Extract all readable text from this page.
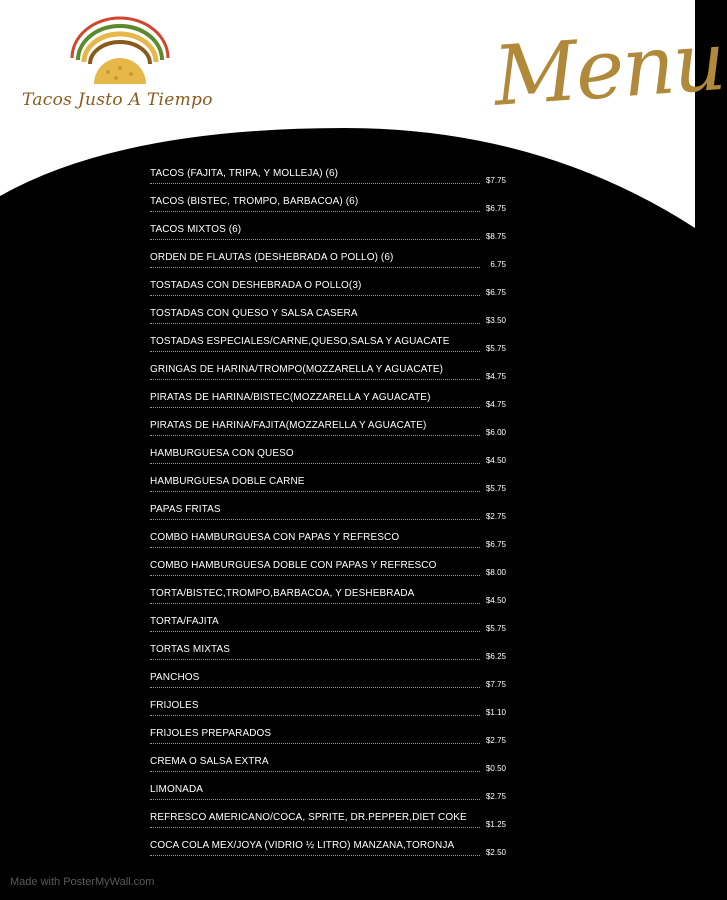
Tacos Justo A Tiempo	Menu
TACOS (FAJITA, TRIPA, Y MOLLEJA) (6)
$7.75
TACOS (BISTEC, TROMPO, BARBACOA) (6)
$6.75
TACOS MIXTOS (6)
$8.75
ORDEN DE FLAUTAS (DESHEBRADA O POLLO) (6)
6.75
TOSTADAS CON DESHEBRADA O POLLO(3)
$6.75
TOSTADAS CON QUESO Y SALSA CASERA
$3.50
TOSTADAS ESPECIALES/CARNE,QUESO,SALSA Y AGUACATE
$5.75
GRINGAS DE HARINA/TROMPO(MOZZARELLA Y AGUACATE)
$4.75
PIRATAS DE HARINA/BISTEC(MOZZARELLA Y AGUACATE)
$4.75
PIRATAS DE HARINA/FAJITA(MOZZARELLA Y AGUACATE)
$6.00
HAMBURGUESA CON QUESO
$4.50
HAMBURGUESA DOBLE CARNE
$5.75
PAPAS FRITAS
$2.75
COMBO HAMBURGUESA CON PAPAS Y REFRESCO
$6.75
COMBO HAMBURGUESA DOBLE CON PAPAS Y REFRESCO
$8.00
TORTA/BISTEC,TROMPO,BARBACOA, Y DESHEBRADA
$4.50
TORTA/FAJITA
$5.75
TORTAS MIXTAS
$6.25
PANCHOS
$7.75
FRIJOLES
$1.10
FRIJOLES PREPARADOS
$2.75
CREMA O SALSA EXTRA
$0.50
LIMONADA
$2.75
REFRESCO AMERICANO/COCA, SPRITE, DR.PEPPER,DIET COKE
$1.25
COCA COLA MEX/JOYA (VIDRIO ½ LITRO) MANZANA,TORONJA
$2.50
Made with PosterMyWall.com
